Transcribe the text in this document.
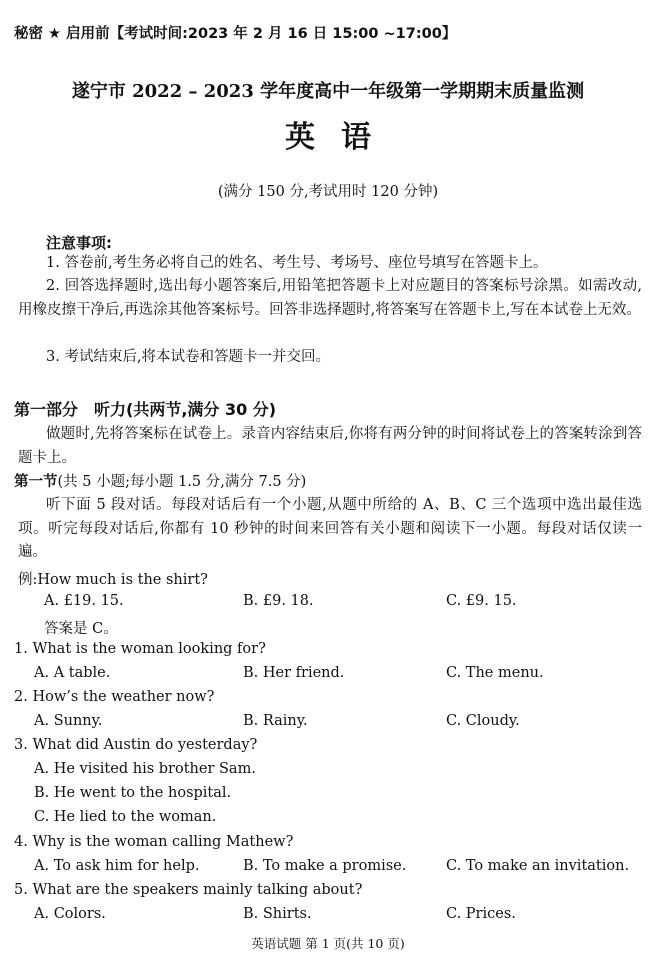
秘密 ★ 启用前【考试时间:2023 年 2 月 16 日 15:00 ~17:00】
遂宁市 2022 – 2023 学年度高中一年级第一学期期末质量监测
英语
(满分 150 分,考试用时 120 分钟)
注意事项:
1. 答卷前,考生务必将自己的姓名、考生号、考场号、座位号填写在答题卡上。
2. 回答选择题时,选出每小题答案后,用铅笔把答题卡上对应题目的答案标号涂黑。如需改动,用橡皮擦干净后,再选涂其他答案标号。回答非选择题时,将答案写在答题卡上,写在本试卷上无效。
3. 考试结束后,将本试卷和答题卡一并交回。
第一部分　听力(共两节,满分 30 分)
做题时,先将答案标在试卷上。录音内容结束后,你将有两分钟的时间将试卷上的答案转涂到答题卡上。
第一节(共 5 小题;每小题 1.5 分,满分 7.5 分)
听下面 5 段对话。每段对话后有一个小题,从题中所给的 A、B、C 三个选项中选出最佳选项。听完每段对话后,你都有 10 秒钟的时间来回答有关小题和阅读下一小题。每段对话仅读一遍。
例:How much is the shirt?
A. £19. 15.	B. £9. 18.	C. £9. 15.
答案是 C。
1. What is the woman looking for?
A. A table.	B. Her friend.	C. The menu.
2. How’s the weather now?
A. Sunny.	B. Rainy.	C. Cloudy.
3. What did Austin do yesterday?
A. He visited his brother Sam.
B. He went to the hospital.
C. He lied to the woman.
4. Why is the woman calling Mathew?
A. To ask him for help.	B. To make a promise.	C. To make an invitation.
5. What are the speakers mainly talking about?
A. Colors.	B. Shirts.	C. Prices.
英语试题 第 1 页(共 10 页)
